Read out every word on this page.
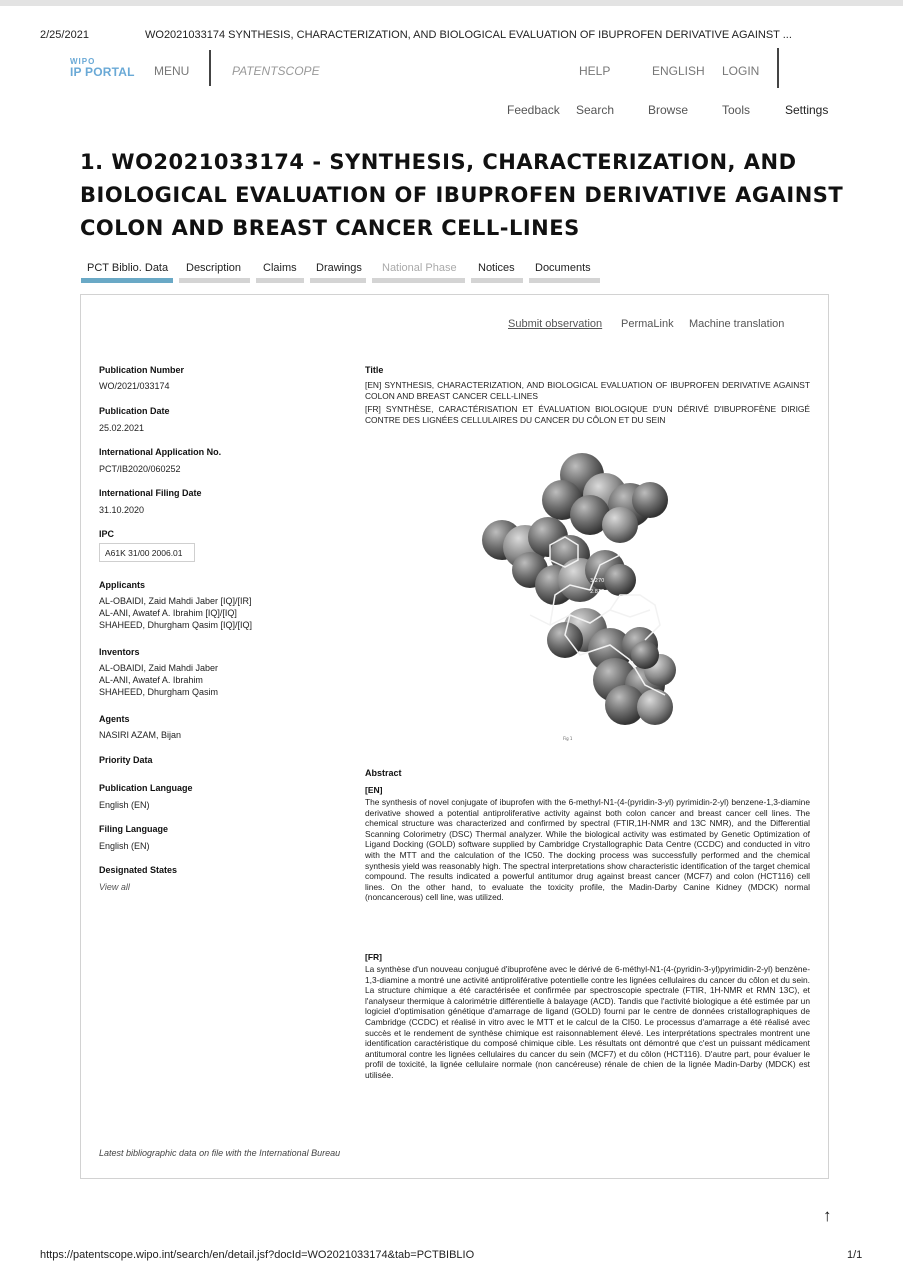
2/25/2021	WO2021033174 SYNTHESIS, CHARACTERIZATION, AND BIOLOGICAL EVALUATION OF IBUPROFEN DERIVATIVE AGAINST ...
WIPO
IP PORTAL	MENU	PATENTSCOPE	HELP	ENGLISH LOGIN
Feedback Search	Browse	Tools	Settings
1. WO2021033174 - SYNTHESIS, CHARACTERIZATION, AND BIOLOGICAL EVALUATION OF IBUPROFEN DERIVATIVE AGAINST COLON AND BREAST CANCER CELL-LINES
PCT Biblio. Data Description Claims Drawings National Phase Notices Documents
Submit observation PermaLink Machine translation
Publication Number
WO/2021/033174
Publication Date
25.02.2021
International Application No.
PCT/IB2020/060252
International Filing Date
31.10.2020
IPC
A61K 31/00 2006.01
Applicants
AL-OBAIDI, Zaid Mahdi Jaber [IQ]/[IR]
AL-ANI, Awatef A. Ibrahim [IQ]/[IQ]
SHAHEED, Dhurgham Qasim [IQ]/[IQ]
Inventors
AL-OBAIDI, Zaid Mahdi Jaber
AL-ANI, Awatef A. Ibrahim
SHAHEED, Dhurgham Qasim
Agents
NASIRI AZAM, Bijan
Priority Data
Publication Language
English (EN)
Filing Language
English (EN)
Designated States
View all
Title
[EN] SYNTHESIS, CHARACTERIZATION, AND BIOLOGICAL EVALUATION OF IBUPROFEN DERIVATIVE AGAINST COLON AND BREAST CANCER CELL-LINES
[FR] SYNTHÈSE, CARACTÉRISATION ET ÉVALUATION BIOLOGIQUE D'UN DÉRIVÉ D'IBUPROFÈNE DIRIGÉ CONTRE DES LIGNÉES CELLULAIRES DU CANCER DU CÔLON ET DU SEIN
3.270
2.818
Fig 1
Abstract
[EN]
The synthesis of novel conjugate of ibuprofen with the 6-methyl-N1-(4-(pyridin-3-yl) pyrimidin-2-yl) benzene-1,3-diamine derivative showed a potential antiproliferative activity against both colon cancer and breast cancer cell lines. The chemical structure was characterized and confirmed by spectral (FTIR,1H-NMR and 13C NMR), and the Differential Scanning Colorimetry (DSC) Thermal analyzer. While the biological activity was estimated by Genetic Optimization of Ligand Docking (GOLD) software supplied by Cambridge Crystallographic Data Centre (CCDC) and conducted in vitro with the MTT and the calculation of the IC50. The docking process was successfully performed and the chemical synthesis yield was reasonably high. The spectral interpretations show characteristic identification of the target chemical compound. The results indicated a powerful antitumor drug against breast cancer (MCF7) and colon (HCT116) cell lines. On the other hand, to evaluate the toxicity profile, the Madin-Darby Canine Kidney (MDCK) normal (noncancerous) cell line, was utilized.
[FR]
La synthèse d'un nouveau conjugué d'ibuprofène avec le dérivé de 6-méthyl-N1-(4-(pyridin-3-yl)pyrimidin-2-yl) benzène-1,3-diamine a montré une activité antiproliférative potentielle contre les lignées cellulaires du cancer du côlon et du sein. La structure chimique a été caractérisée et confirmée par spectroscopie spectrale (FTIR, 1H-NMR et RMN 13C), et l'analyseur thermique à calorimétrie différentielle à balayage (ACD). Tandis que l'activité biologique a été estimée par un logiciel d'optimisation génétique d'amarrage de ligand (GOLD) fourni par le centre de données cristallographiques de Cambridge (CCDC) et réalisé in vitro avec le MTT et le calcul de la CI50. Le processus d'amarrage a été réalisé avec succès et le rendement de synthèse chimique est raisonnablement élevé. Les interprétations spectrales montrent une identification caractéristique du composé chimique cible. Les résultats ont démontré que c'est un puissant médicament antitumoral contre les lignées cellulaires du cancer du sein (MCF7) et du côlon (HCT116). D'autre part, pour évaluer le profil de toxicité, la lignée cellulaire normale (non cancéreuse) rénale de chien de la lignée Madin-Darby (MDCK) est utilisée.
Latest bibliographic data on file with the International Bureau
↑
https://patentscope.wipo.int/search/en/detail.jsf?docId=WO2021033174&tab=PCTBIBLIO	1/1
